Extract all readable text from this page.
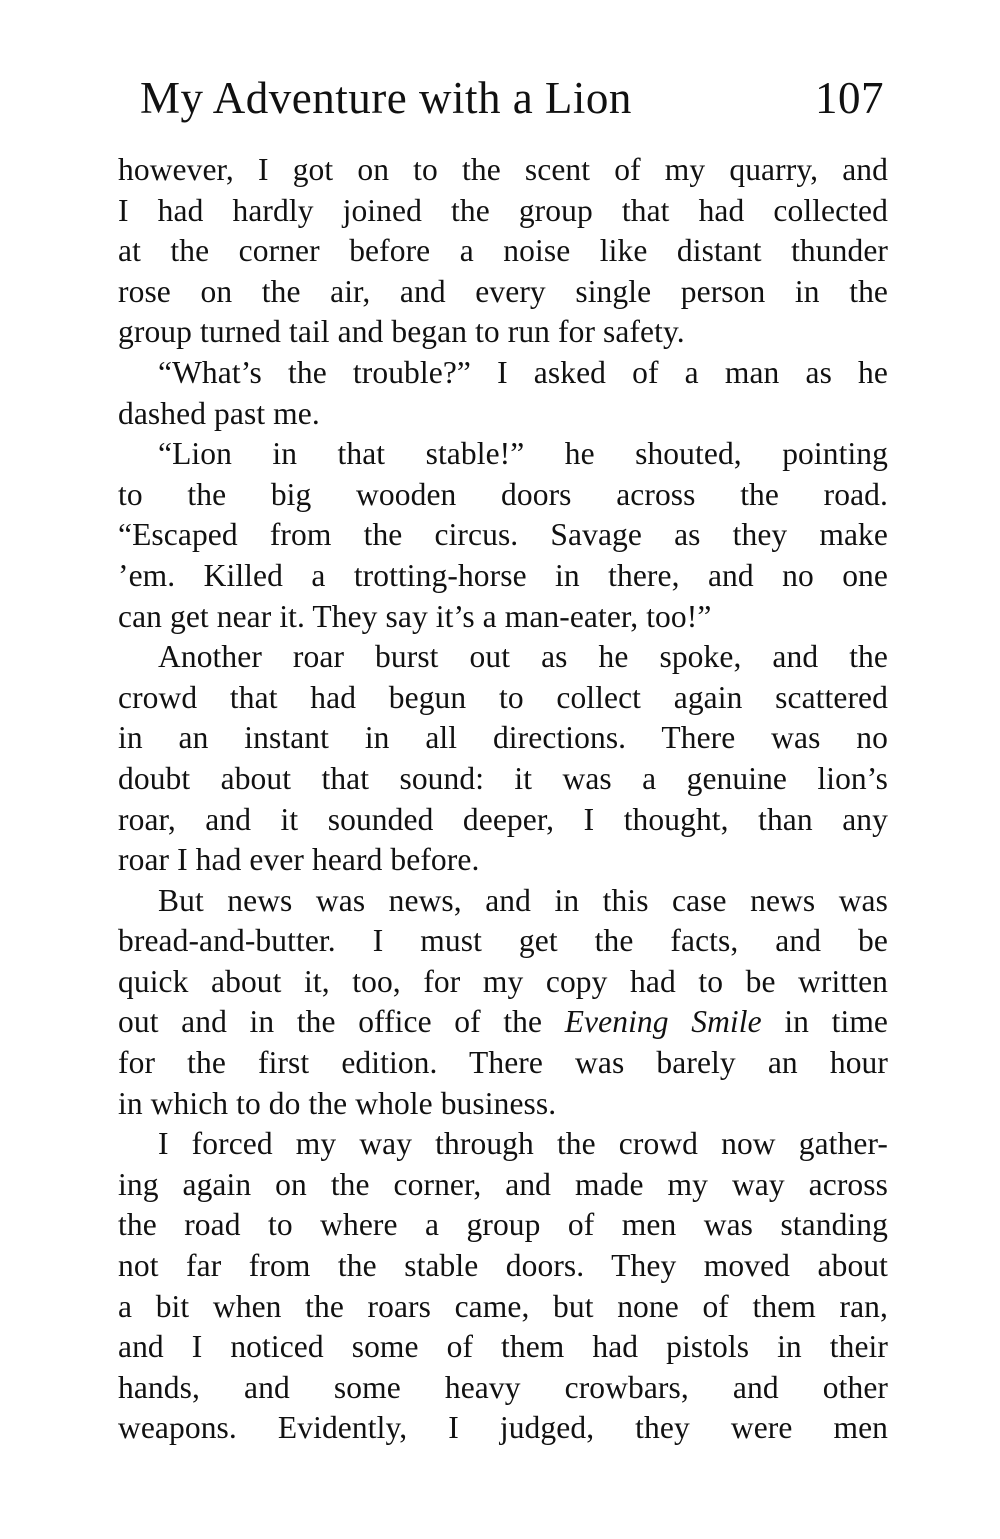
My Adventure with a Lion	107
however, I got on to the scent of my quarry, and
I had hardly joined the group that had collected
at the corner before a noise like distant thunder
rose on the air, and every single person in the
group turned tail and began to run for safety.
“What’s the trouble?” I asked of a man as he
dashed past me.
“Lion in that stable!” he shouted, pointing
to the big wooden doors across the road.
“Escaped from the circus. Savage as they make
’em. Killed a trotting-horse in there, and no one
can get near it. They say it’s a man-eater, too!”
Another roar burst out as he spoke, and the
crowd that had begun to collect again scattered
in an instant in all directions. There was no
doubt about that sound: it was a genuine lion’s
roar, and it sounded deeper, I thought, than any
roar I had ever heard before.
But news was news, and in this case news was
bread-and-butter. I must get the facts, and be
quick about it, too, for my copy had to be written
out and in the office of the Evening Smile in time
for the first edition. There was barely an hour
in which to do the whole business.
I forced my way through the crowd now gather-
ing again on the corner, and made my way across
the road to where a group of men was standing
not far from the stable doors. They moved about
a bit when the roars came, but none of them ran,
and I noticed some of them had pistols in their
hands, and some heavy crowbars, and other
weapons. Evidently, I judged, they were men
